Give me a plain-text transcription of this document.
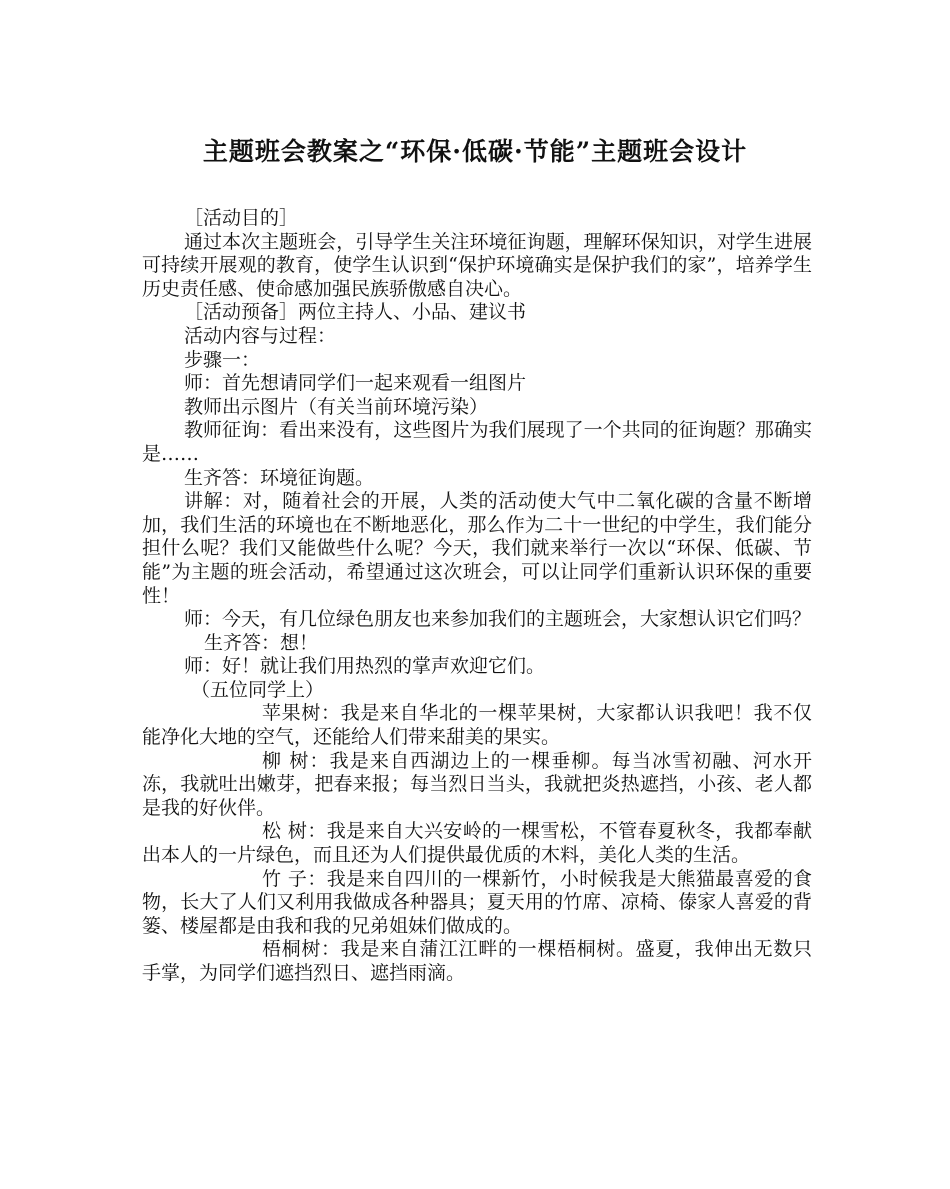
主题班会教案之“环保·低碳·节能”主题班会设计

［活动目的］

通过本次主题班会，引导学生关注环境征询题，理解环保知识，对学生进展可持续开展观的教育，使学生认识到“保护环境确实是保护我们的家”，培养学生历史责任感、使命感加强民族骄傲感自决心。

［活动预备］两位主持人、小品、建议书

活动内容与过程：

步骤一：

师：首先想请同学们一起来观看一组图片

教师出示图片（有关当前环境污染）

教师征询：看出来没有，这些图片为我们展现了一个共同的征询题？那确实是……

生齐答：环境征询题。

讲解：对，随着社会的开展，人类的活动使大气中二氧化碳的含量不断增加，我们生活的环境也在不断地恶化，那么作为二十一世纪的中学生，我们能分担什么呢？我们又能做些什么呢？今天，我们就来举行一次以“环保、低碳、节能”为主题的班会活动，希望通过这次班会，可以让同学们重新认识环保的重要性！

师：今天，有几位绿色朋友也来参加我们的主题班会，大家想认识它们吗？

生齐答：想！

师：好！就让我们用热烈的掌声欢迎它们。

（五位同学上）

苹果树：我是来自华北的一棵苹果树，大家都认识我吧！我不仅能净化大地的空气，还能给人们带来甜美的果实。

柳 树：我是来自西湖边上的一棵垂柳。每当冰雪初融、河水开冻，我就吐出嫩芽，把春来报；每当烈日当头，我就把炎热遮挡，小孩、老人都是我的好伙伴。

松 树：我是来自大兴安岭的一棵雪松，不管春夏秋冬，我都奉献出本人的一片绿色，而且还为人们提供最优质的木料，美化人类的生活。

竹 子：我是来自四川的一棵新竹，小时候我是大熊猫最喜爱的食物，长大了人们又利用我做成各种器具；夏天用的竹席、凉椅、傣家人喜爱的背篓、楼屋都是由我和我的兄弟姐妹们做成的。

梧桐树：我是来自蒲江江畔的一棵梧桐树。盛夏，我伸出无数只手掌，为同学们遮挡烈日、遮挡雨滴。
